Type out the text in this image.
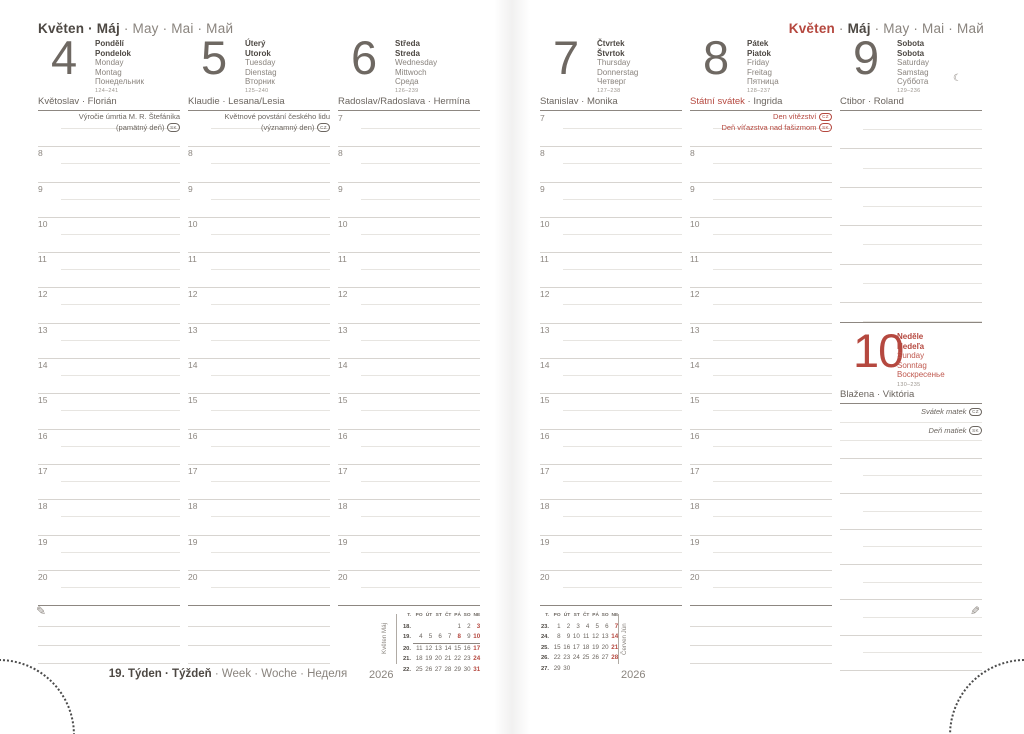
Květen · Máj · May · Mai · Май	Květen · Máj · May · Mai · Май
4 Pondělí
Pondelok
Monday
Montag
Понедельник
124–241
Květoslav · Florián
Výročie úmrtia M. R. Štefánika
(pamätný deň) SK
8
9
10
11
12
13
14
15
16
17
18
19
20
5 Úterý
Utorok
Tuesday
Dienstag
Вторник
125–240
Klaudie · Lesana/Lesia
Květnové povstání českého lidu
(významný den) CZ
8
9
10
11
12
13
14
15
16
17
18
19
20
6 Středa
Streda
Wednesday
Mittwoch
Среда
126–239
Radoslav/Radoslava · Hermína
7
8
9
10
11
12
13
14
15
16
17
18
19
20
7 Čtvrtek
Štvrtok
Thursday
Donnerstag
Четверг
127–238
Stanislav · Monika
7
8
9
10
11
12
13
14
15
16
17
18
19
20
8 Pátek
Piatok
Friday
Freitag
Пятница
128–237
Státní svátek · Ingrida
Den vítězství CZ
Deň víťazstva nad fašizmom SK
8
9
10
11
12
13
14
15
16
17
18
19
20
9 Sobota
Sobota
Saturday
Samstag
Суббота
129–236
☾
Ctibor · Roland
10
Neděle
Nedeľa
Sunday
Sonntag
Воскресенье
130–235
Blažena · Viktória
Svátek matek CZ
Deň matiek SK
19. Týden · Týždeň · Week · Woche · Неделя
Květen Máj
2026
T.	PO	ÚT	ST	ČT	PÁ	SO	NE
18.					1	2	3
19.	4	5	6	7	8	9	10
20.	11	12	13	14	15	16	17
21.	18	19	20	21	22	23	24
22.	25	26	27	28	29	30	31
Červen Jún
2026
T.	PO	ÚT	ST	ČT	PÁ	SO	NE
23.	1	2	3	4	5	6	7
24.	8	9	10	11	12	13	14
25.	15	16	17	18	19	20	21
26.	22	23	24	25	26	27	28
27.	29	30					
✎	✎
